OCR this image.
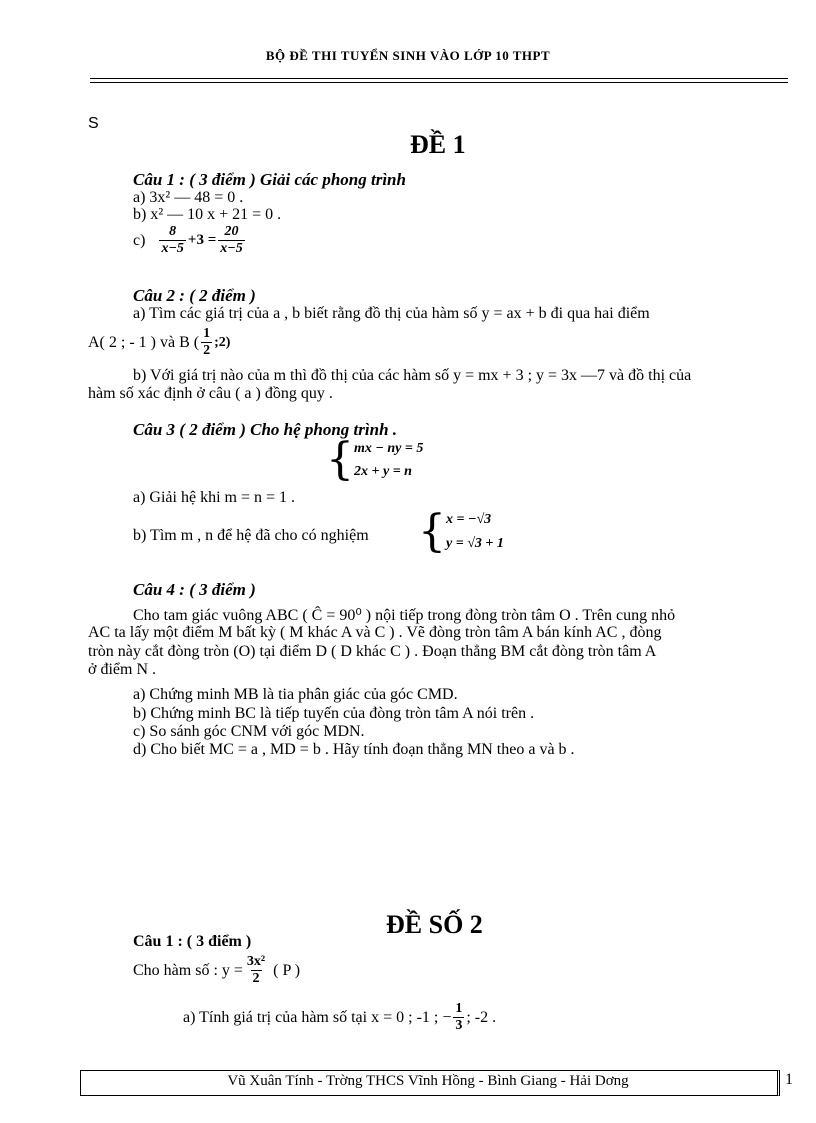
BỘ ĐỀ THI TUYỂN SINH VÀO LỚP 10 THPT
S
ĐỀ 1
Câu 1 : ( 3 điểm ) Giải các phong trình
a) 3x² — 48 = 0 .
b) x² — 10 x + 21 = 0 .
$c) \frac{8}{x-5} +3 = \frac{20}{x-5}$
Câu 2 : ( 2 điểm )
a) Tìm các giá trị của a , b biết rằng đồ thị của hàm số y = ax + b đi qua hai điểm
A( 2 ; - 1 ) và B ( $\frac{1}{2}$ ;2)
b) Với giá trị nào của m thì đồ thị của các hàm số y = mx + 3 ; y = 3x —7 và đồ thị của
hàm số xác định ở câu ( a ) đồng quy .
Câu 3 ( 2 điểm ) Cho hệ phong trình .
{ mx − ny = 5
2x + y = n
a) Giải hệ khi m = n = 1 .
b) Tìm m , n để hệ đã cho có nghiệm { x = −√3
y = √3 + 1
Câu 4 : ( 3 điểm )
Cho tam giác vuông ABC ( Ĉ = 90⁰ ) nội tiếp trong đòng tròn tâm O . Trên cung nhỏ
AC ta lấy một điểm M bất kỳ ( M khác A và C ) . Vẽ đòng tròn tâm A bán kính AC , đòng
tròn này cắt đòng tròn (O) tại điểm D ( D khác C ) . Đoạn thẳng BM cắt đòng tròn tâm A
ở điểm N .
a) Chứng minh MB là tia phân giác của góc CMD.
b) Chứng minh BC là tiếp tuyến của đòng tròn tâm A nói trên .
c) So sánh góc CNM với góc MDN.
d) Cho biết MC = a , MD = b . Hãy tính đoạn thẳng MN theo a và b .
ĐỀ SỐ 2
Câu 1 : ( 3 điểm )
Cho hàm số : $y = \frac{\text{3x²}}{2}$ ( P )
a) Tính giá trị của hàm số tại x = 0 ; -1 ; − $\frac{1}{3}$ ; -2 .
Vũ Xuân Tính - Trờng THCS Vĩnh Hồng - Bình Giang - Hải Dơng	1
